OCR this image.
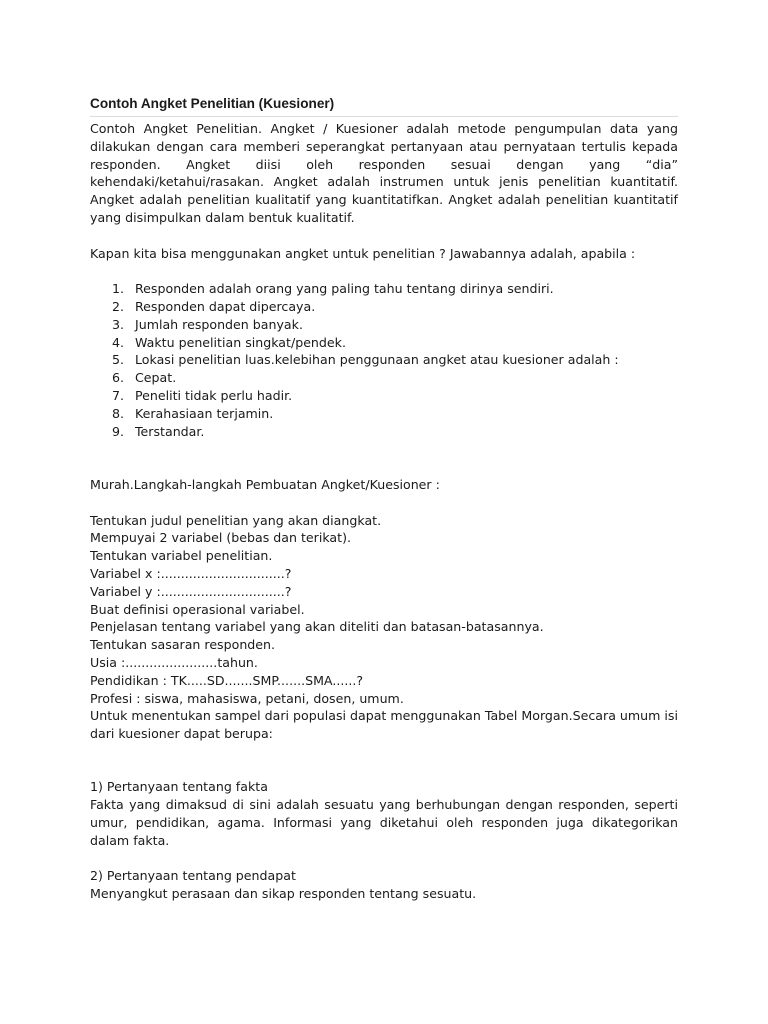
Contoh Angket Penelitian (Kuesioner)

Contoh Angket Penelitian. Angket / Kuesioner adalah metode pengumpulan data yang dilakukan dengan cara memberi seperangkat pertanyaan atau pernyataan tertulis kepada responden. Angket diisi oleh responden sesuai dengan yang “dia” kehendaki/ketahui/rasakan. Angket adalah instrumen untuk jenis penelitian kuantitatif. Angket adalah penelitian kualitatif yang kuantitatifkan. Angket adalah penelitian kuantitatif yang disimpulkan dalam bentuk kualitatif.

Kapan kita bisa menggunakan angket untuk penelitian ? Jawabannya adalah, apabila :

1. Responden adalah orang yang paling tahu tentang dirinya sendiri.
2. Responden dapat dipercaya.
3. Jumlah responden banyak.
4. Waktu penelitian singkat/pendek.
5. Lokasi penelitian luas.kelebihan penggunaan angket atau kuesioner adalah :
6. Cepat.
7. Peneliti tidak perlu hadir.
8. Kerahasiaan terjamin.
9. Terstandar.

Murah.Langkah-langkah Pembuatan Angket/Kuesioner :

Tentukan judul penelitian yang akan diangkat.

Mempuyai 2 variabel (bebas dan terikat).

Tentukan variabel penelitian.

Variabel x :...............................?

Variabel y :...............................?

Buat definisi operasional variabel.

Penjelasan tentang variabel yang akan diteliti dan batasan-batasannya.

Tentukan sasaran responden.

Usia :.......................tahun.

Pendidikan : TK.....SD.......SMP.......SMA......?

Profesi : siswa, mahasiswa, petani, dosen, umum.

Untuk menentukan sampel dari populasi dapat menggunakan Tabel Morgan.Secara umum isi dari kuesioner dapat berupa:

1) Pertanyaan tentang fakta

Fakta yang dimaksud di sini adalah sesuatu yang berhubungan dengan responden, seperti umur, pendidikan, agama. Informasi yang diketahui oleh responden juga dikategorikan dalam fakta.

2) Pertanyaan tentang pendapat

Menyangkut perasaan dan sikap responden tentang sesuatu.
